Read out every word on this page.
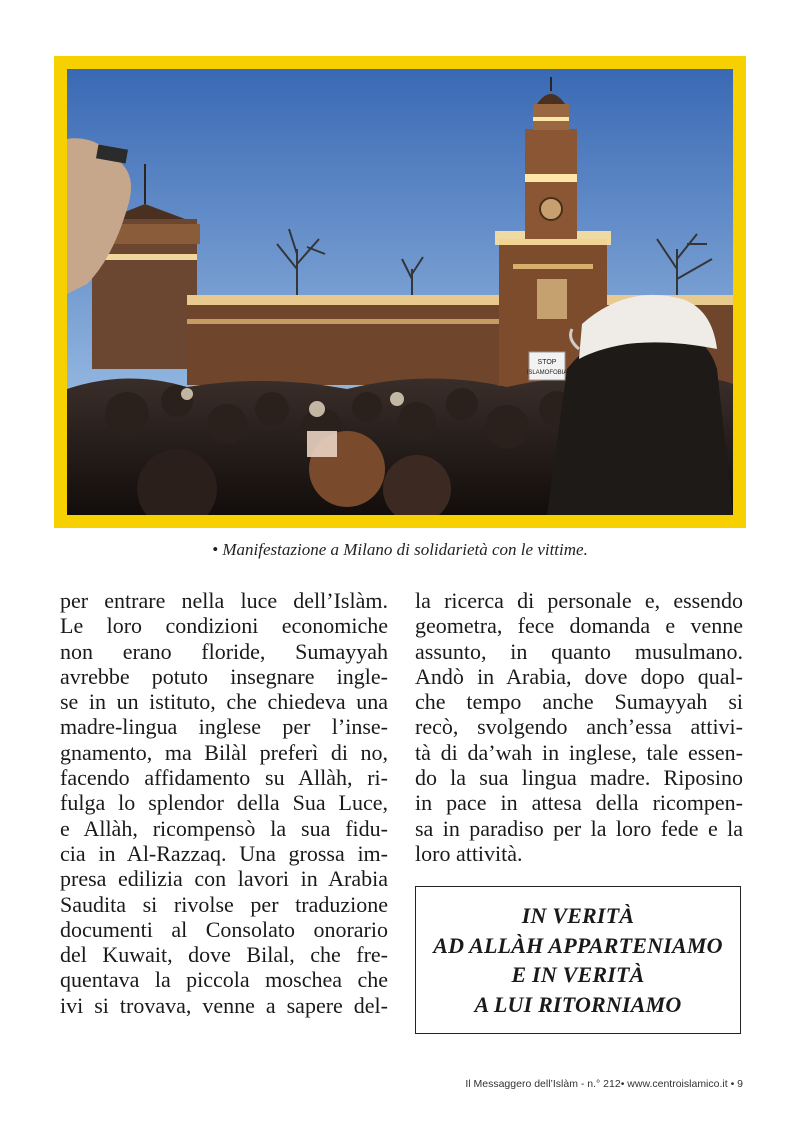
STOP
ISLAMOFOBIA
• Manifestazione a Milano di solidarietà con le vittime.

per entrare nella luce dell’Islàm.
Le loro condizioni economiche
non erano floride, Sumayyah
avrebbe potuto insegnare ingle-
se in un istituto, che chiedeva una
madre-lingua inglese per l’inse-
gnamento, ma Bilàl preferì di no,
facendo affidamento su Allàh, ri-
fulga lo splendor della Sua Luce,
e Allàh, ricompensò la sua fidu-
cia in Al-Razzaq. Una grossa im-
presa edilizia con lavori in Arabia
Saudita si rivolse per traduzione
documenti al Consolato onorario
del Kuwait, dove Bilal, che fre-
quentava la piccola moschea che
ivi si trovava, venne a sapere del-

la ricerca di personale e, essendo
geometra, fece domanda e venne
assunto, in quanto musulmano.
Andò in Arabia, dove dopo qual-
che tempo anche Sumayyah si
recò, svolgendo anch’essa attivi-
tà di da’wah in inglese, tale essen-
do la sua lingua madre. Riposino
in pace in attesa della ricompen-
sa in paradiso per la loro fede e la
loro attività.

IN VERITÀ
AD ALLÀH APPARTENIAMO
E IN VERITÀ
A LUI RITORNIAMO
Il Messaggero dell’Islàm - n.° 212• www.centroislamico.it • 9
